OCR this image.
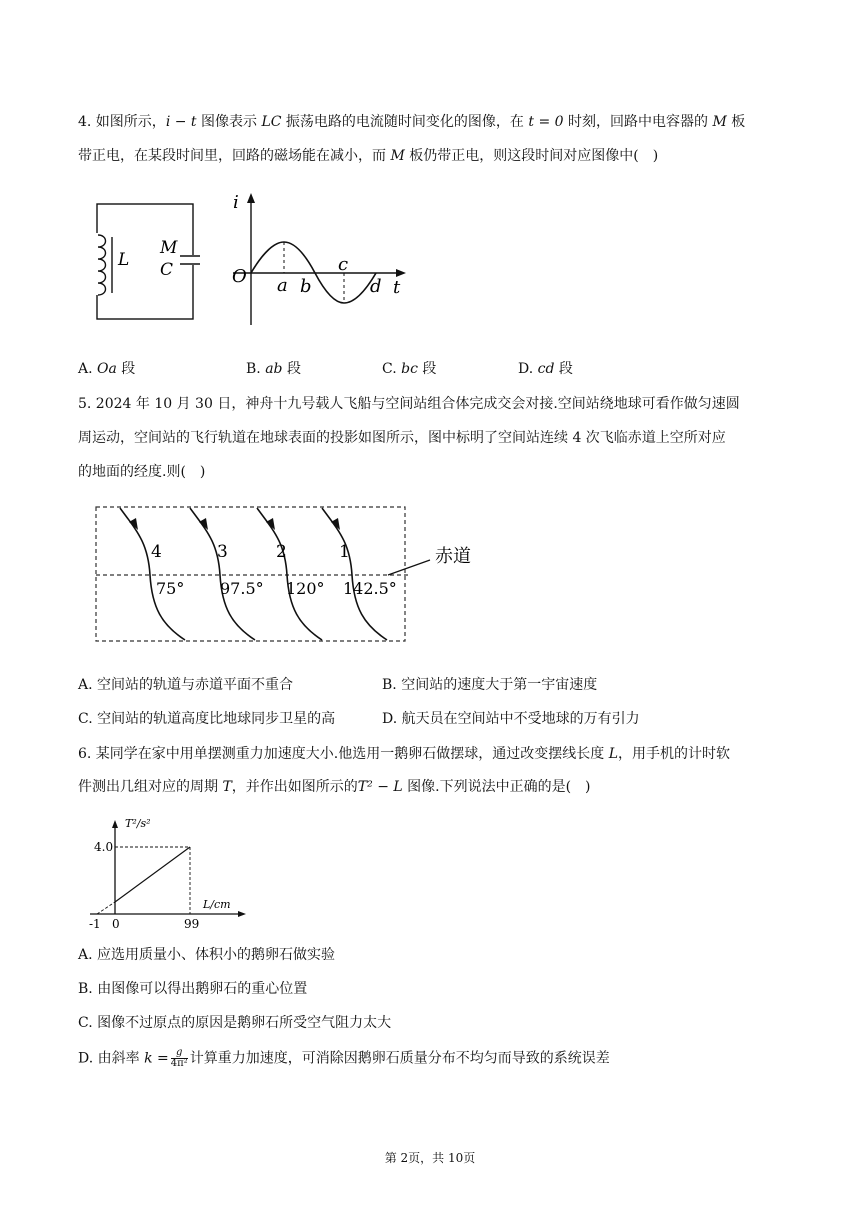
4. 如图所示，i − t 图像表示 LC 振荡电路的电流随时间变化的图像，在 t = 0 时刻，回路中电容器的 M 板
带正电，在某段时间里，回路的磁场能在减小，而 M 板仍带正电，则这段时间对应图像中(　)
L
M
C
i
O
t
a b
c
d
A. Oa 段	B. ab 段	C. bc 段	D. cd 段
5. 2024 年 10 月 30 日，神舟十九号载人飞船与空间站组合体完成交会对接.空间站绕地球可看作做匀速圆
周运动，空间站的飞行轨道在地球表面的投影如图所示，图中标明了空间站连续 4 次飞临赤道上空所对应
的地面的经度.则(　)
4	3	2	1
75° 97.5° 120° 142.5°
赤道
A. 空间站的轨道与赤道平面不重合	B. 空间站的速度大于第一宇宙速度
C. 空间站的轨道高度比地球同步卫星的高	D. 航天员在空间站中不受地球的万有引力
6. 某同学在家中用单摆测重力加速度大小.他选用一鹅卵石做摆球，通过改变摆线长度 L，用手机的计时软
件测出几组对应的周期 T，并作出如图所示的T² − L 图像.下列说法中正确的是(　)
T²/s²
L/cm
4.0
-1 0	99
A. 应选用质量小、体积小的鹅卵石做实验
B. 由图像可以得出鹅卵石的重心位置
C. 图像不过原点的原因是鹅卵石所受空气阻力太大
D. 由斜率 $k = \frac{g}{\text{4π²}}$ 计算重力加速度，可消除因鹅卵石质量分布不均匀而导致的系统误差
第 2页，共 10页
